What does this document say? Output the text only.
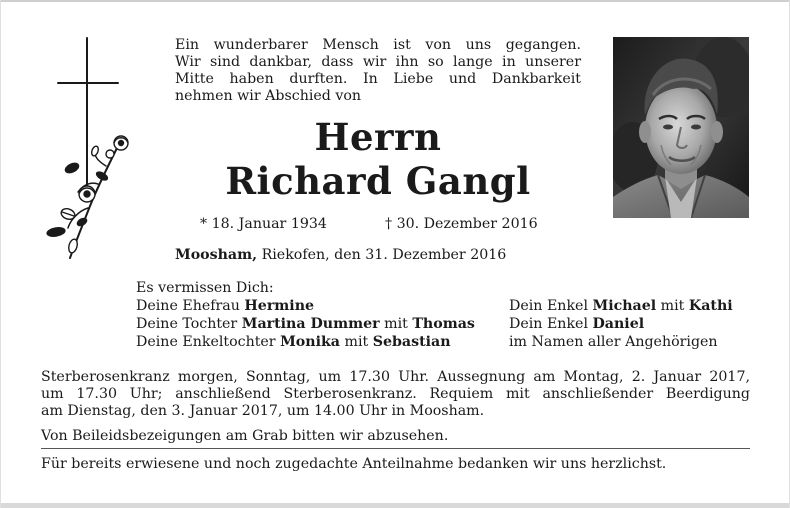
Ein wunderbarer Mensch ist von uns gegangen.
Wir sind dankbar, dass wir ihn so lange in unserer
Mitte haben durften. In Liebe und Dankbarkeit
nehmen wir Abschied von
Herrn
Richard Gangl
* 18. Januar 1934	† 30. Dezember 2016
Moosham, Riekofen, den 31. Dezember 2016
Es vermissen Dich:
Deine Ehefrau Hermine
Deine Tochter Martina Dummer mit Thomas
Deine Enkeltochter Monika mit Sebastian
Dein Enkel Michael mit Kathi
Dein Enkel Daniel
im Namen aller Angehörigen
Sterberosenkranz morgen, Sonntag, um 17.30 Uhr. Aussegnung am Montag, 2. Januar 2017,
um 17.30 Uhr; anschließend Sterberosenkranz. Requiem mit anschließender Beerdigung
am Dienstag, den 3. Januar 2017, um 14.00 Uhr in Moosham.
Von Beileidsbezeigungen am Grab bitten wir abzusehen.
Für bereits erwiesene und noch zugedachte Anteilnahme bedanken wir uns herzlichst.
